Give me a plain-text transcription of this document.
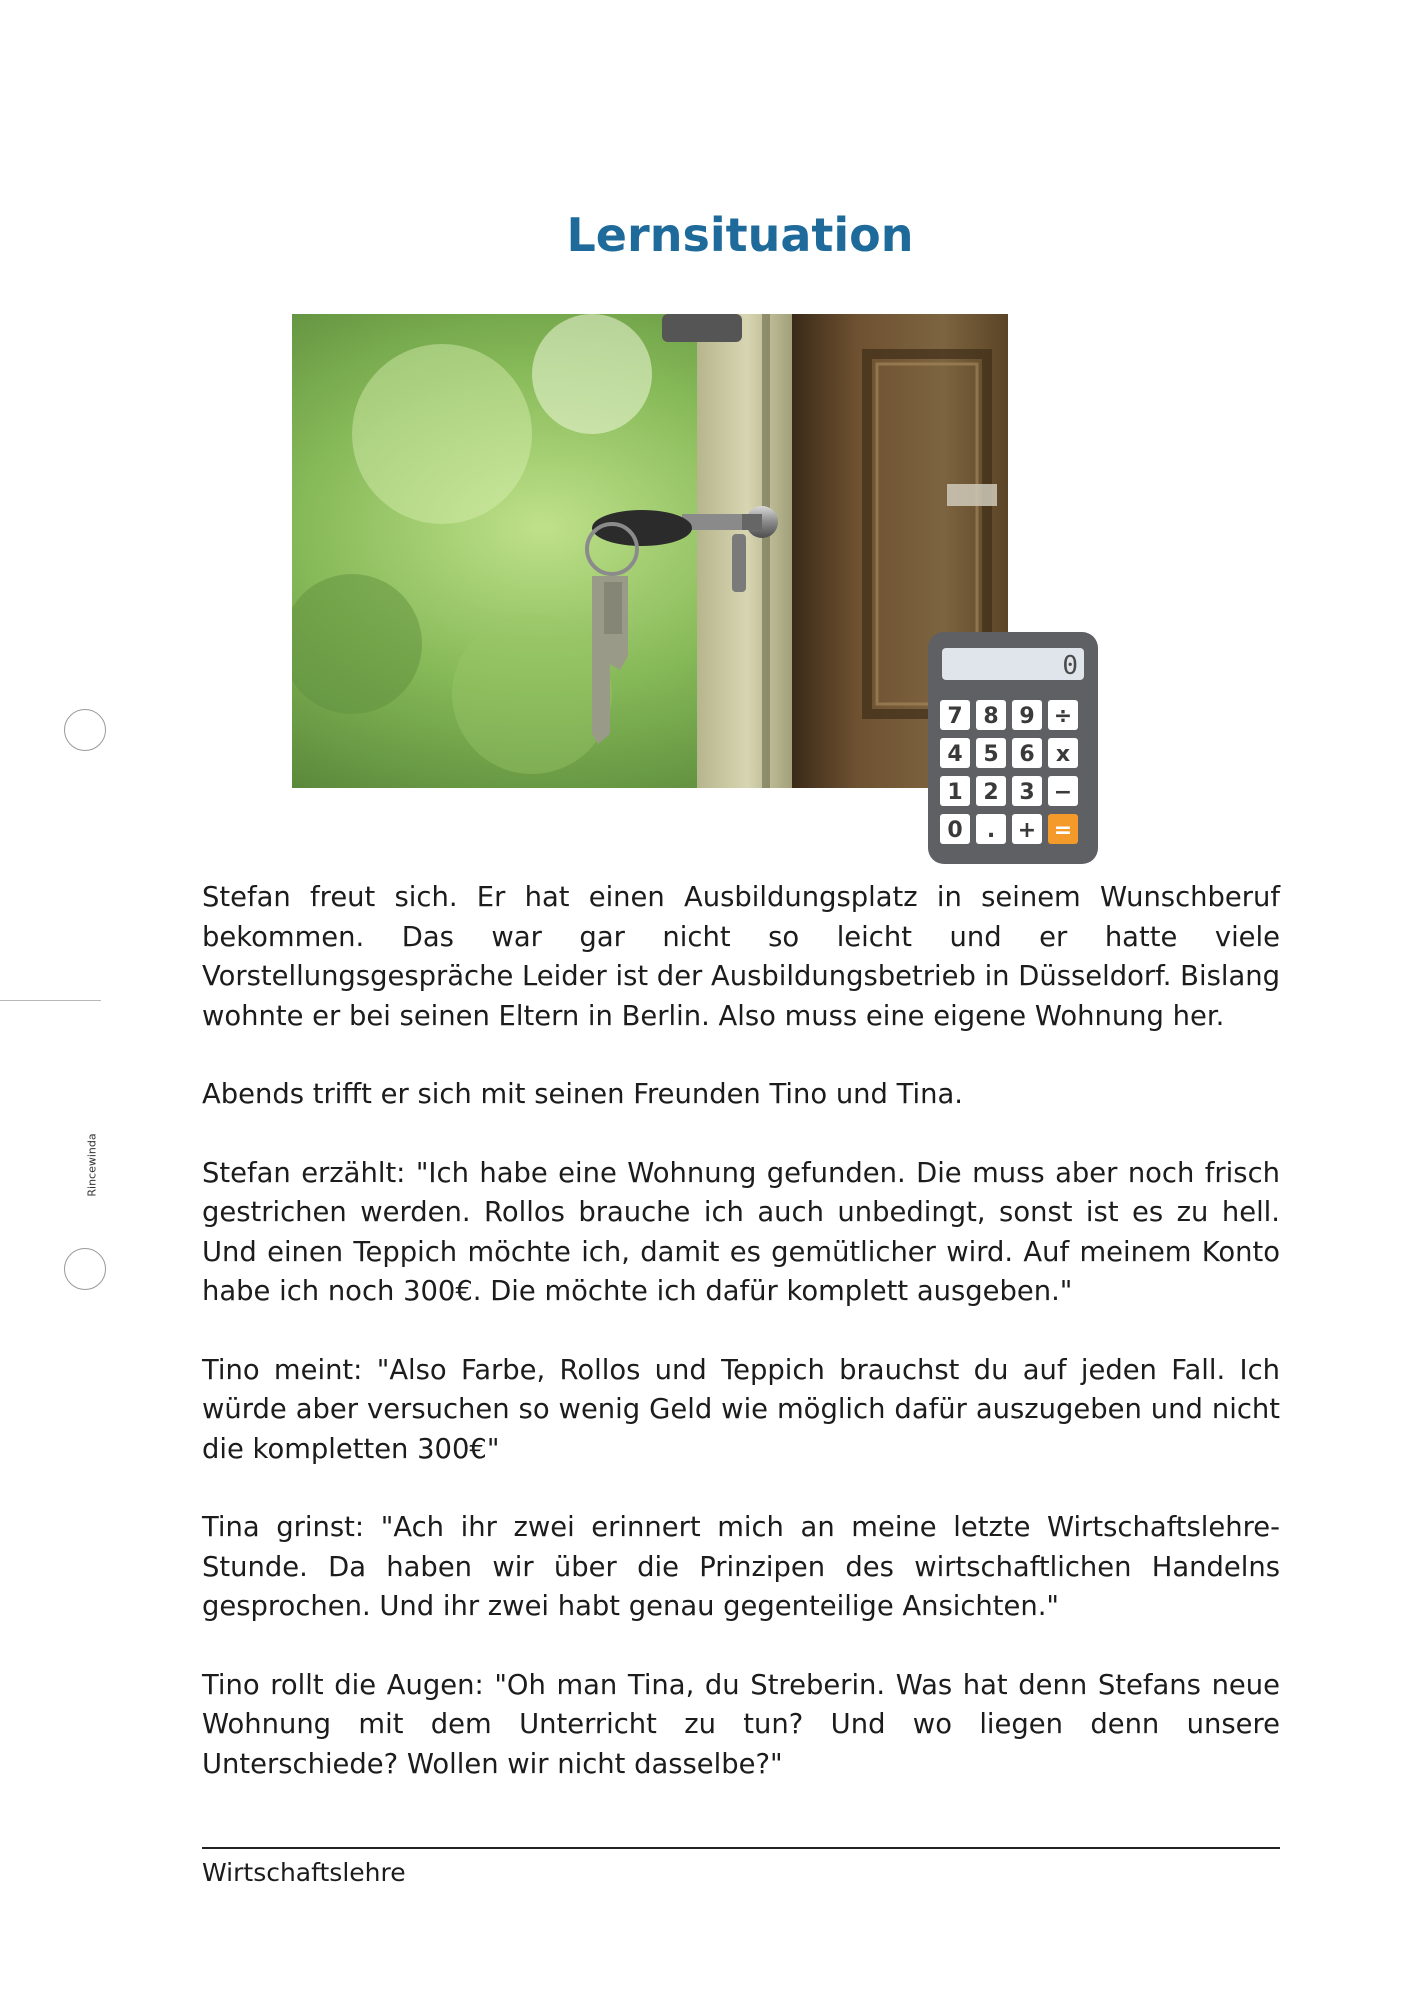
Rincewinda
Lernsituation
0
7 8 9 ÷
4 5 6 x
1 2 3 −
0 . + =

Stefan freut sich. Er hat einen Ausbildungsplatz in seinem Wunschberuf bekommen. Das war gar nicht so leicht und er hatte viele Vorstellungsgespräche Leider ist der Ausbildungsbetrieb in Düsseldorf. Bislang wohnte er bei seinen Eltern in Berlin. Also muss eine eigene Wohnung her.

Abends trifft er sich mit seinen Freunden Tino und Tina.

Stefan erzählt: "Ich habe eine Wohnung gefunden. Die muss aber noch frisch gestrichen werden. Rollos brauche ich auch unbedingt, sonst ist es zu hell. Und einen Teppich möchte ich, damit es gemütlicher wird. Auf meinem Konto habe ich noch 300€. Die möchte ich dafür komplett ausgeben."

Tino meint: "Also Farbe, Rollos und Teppich brauchst du auf jeden Fall. Ich würde aber versuchen so wenig Geld wie möglich dafür auszugeben und nicht die kompletten 300€"

Tina grinst: "Ach ihr zwei erinnert mich an meine letzte Wirtschaftslehre-Stunde. Da haben wir über die Prinzipen des wirtschaftlichen Handelns gesprochen. Und ihr zwei habt genau gegenteilige Ansichten."

Tino rollt die Augen: "Oh man Tina, du Streberin. Was hat denn Stefans neue Wohnung mit dem Unterricht zu tun? Und wo liegen denn unsere Unterschiede? Wollen wir nicht dasselbe?"

Wirtschaftslehre
